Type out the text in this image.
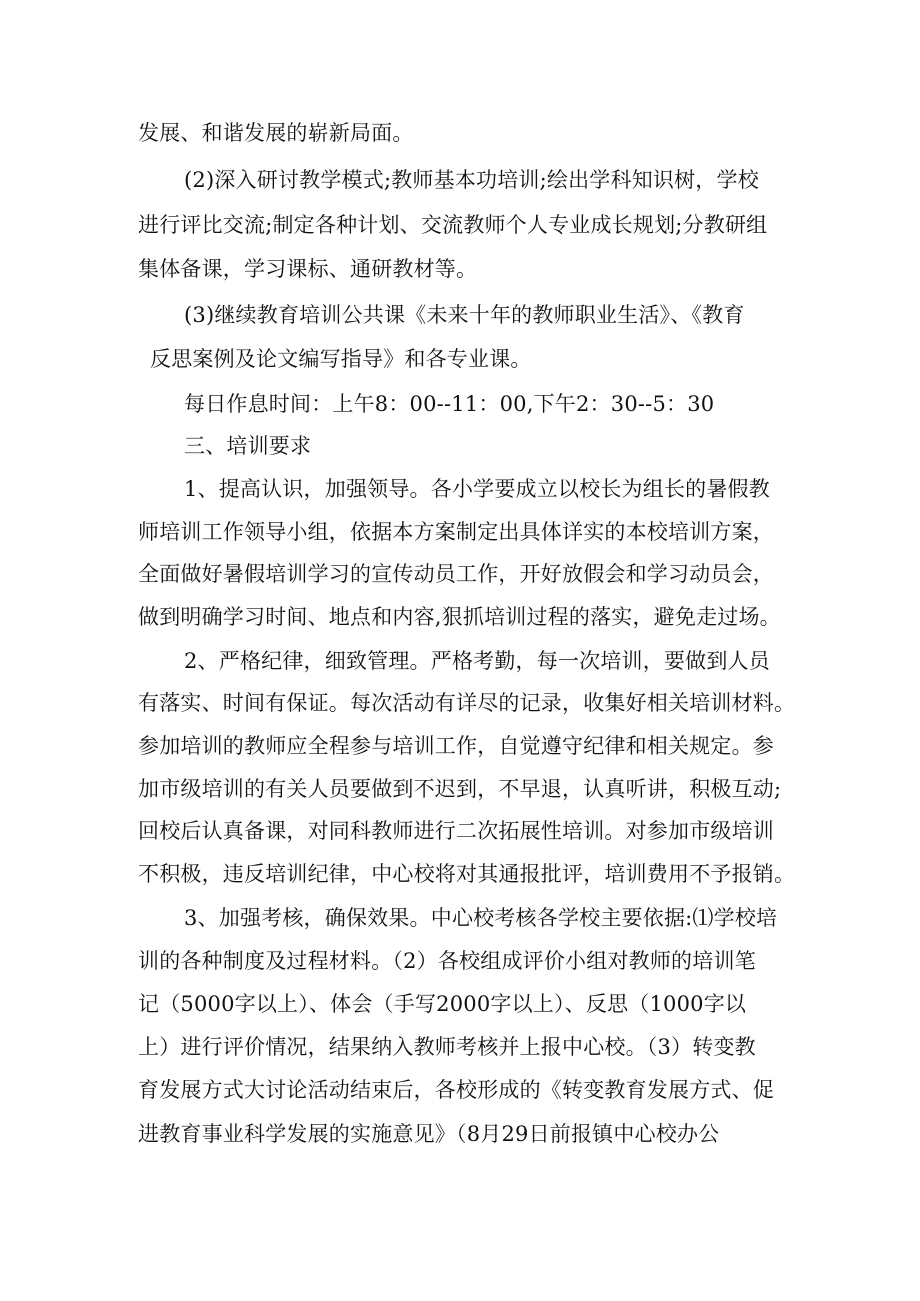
发展、和谐发展的崭新局面。
(2)深入研讨教学模式;教师基本功培训;绘出学科知识树，学校
进行评比交流;制定各种计划、交流教师个人专业成长规划;分教研组
集体备课，学习课标、通研教材等。
(3)继续教育培训公共课《未来十年的教师职业生活》、《教育
反思案例及论文编写指导》和各专业课。
每日作息时间：上午8：00--11：00,下午2：30--5：30
三、培训要求
1、提高认识，加强领导。各小学要成立以校长为组长的暑假教
师培训工作领导小组，依据本方案制定出具体详实的本校培训方案，
全面做好暑假培训学习的宣传动员工作，开好放假会和学习动员会，
做到明确学习时间、地点和内容,狠抓培训过程的落实，避免走过场。
2、严格纪律，细致管理。严格考勤，每一次培训，要做到人员
有落实、时间有保证。每次活动有详尽的记录，收集好相关培训材料。
参加培训的教师应全程参与培训工作，自觉遵守纪律和相关规定。参
加市级培训的有关人员要做到不迟到，不早退，认真听讲，积极互动;
回校后认真备课，对同科教师进行二次拓展性培训。对参加市级培训
不积极，违反培训纪律，中心校将对其通报批评，培训费用不予报销。
3、加强考核，确保效果。中心校考核各学校主要依据:⑴学校培
训的各种制度及过程材料。（2）各校组成评价小组对教师的培训笔
记（5000字以上）、体会（手写2000字以上）、反思（1000字以
上）进行评价情况，结果纳入教师考核并上报中心校。（3）转变教
育发展方式大讨论活动结束后，各校形成的《转变教育发展方式、促
进教育事业科学发展的实施意见》（8月29日前报镇中心校办公
